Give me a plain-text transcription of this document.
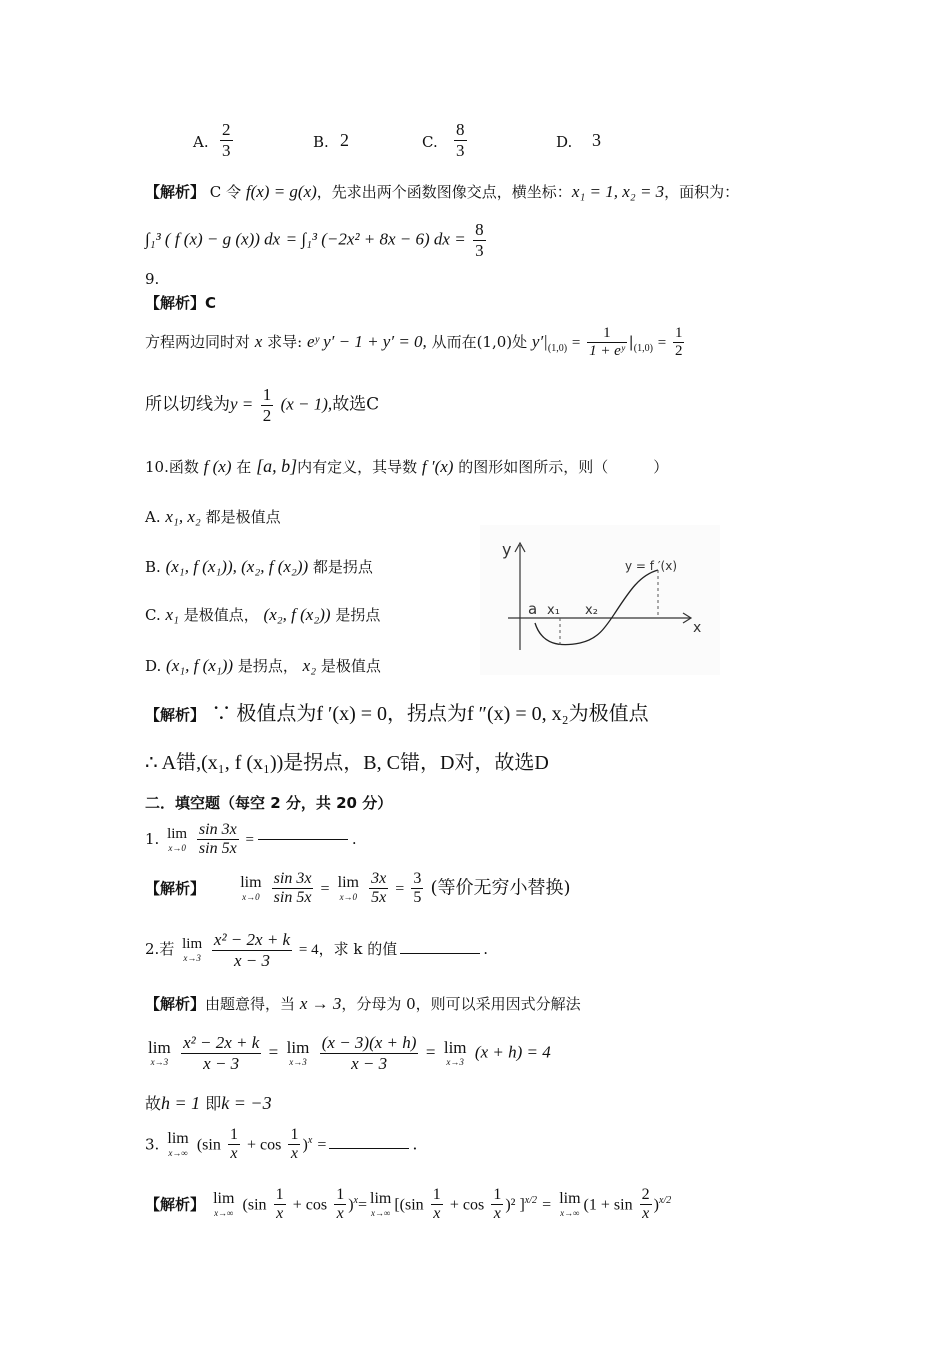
A. $\frac{2}{3}$	B. 2	C. $\frac{8}{3}$	D. 3
【解析】 C 令 f(x) = g(x)，先求出两个函数图像交点，横坐标：x₁ = 1, x₂ = 3，面积为：
∫₁³ ( f (x) − g (x)) dx = ∫₁³ (−2x² + 8x − 6) dx = $\frac{8}{3}$
9.
【解析】C
方程两边同时对 x 求导: eʸ y′ − 1 + y′ = 0, 从而在(1,0)处 $y'|_{(1,0)} = \frac{1}{\text{1 + eʸ}} |_{(1,0)} = \frac{1}{2}$
所以切线为$y = \frac{1}{2} (x - 1)$,故选C
10.函数 f (x) 在 [a, b]内有定义，其导数 f ′(x) 的图形如图所示，则（　　　）
A. x₁, x₂ 都是极值点
B. (x₁, f (x₁)), (x₂, f (x₂)) 都是拐点
C. x₁ 是极值点， (x₂, f (x₂)) 是拐点
D. (x₁, f (x₁)) 是拐点， x₂ 是极值点
y
x
a x₁ x₂
y = f ′(x)
【解析】 ∵ 极值点为f ′(x) = 0，拐点为f ″(x) = 0, x₂为极值点
∴ A错,(x₁, f (x₁))是拐点，B, C错，D对，故选D
二．填空题（每空 2 分，共 20 分）
1. lim
x→0
$\frac{\sin 3x}{\sin 5x}$ =	.
【解析】 lim
x→0
$\frac{\sin 3x}{\sin 5x} = \lim$
x→0
$\frac{3x}{5x} = \frac{3}{5}$ (等价无穷小替换)
2.若 lim
x→3
$\frac{\text{x² − 2x + k}}{x - 3} = 4$，求 k 的值	.
【解析】由题意得，当 x → 3，分母为 0，则可以采用因式分解法
lim
x→3
$\frac{\text{x² − 2x + k}}{x - 3} = \lim$
x→3
$\frac{(x - 3)(x + h)}{x - 3} = \lim$
x→3
(x + h) = 4
故h = 1 即k = −3
3. lim
x→∞ $(\sin \frac{1}{x} + \cos \frac{1}{x} )^x$ =	.
【解析】 lim
x→∞ $(\sin \frac{1}{x} + \cos \frac{1}{x} )^x= \lim$
x→∞ [$(\sin \frac{1}{x} + \cos \frac{1}{x} )^2$ ]$^{x/2}$ = lim
x→∞ $(1 + \sin \frac{2}{x} )^{x/2}$
